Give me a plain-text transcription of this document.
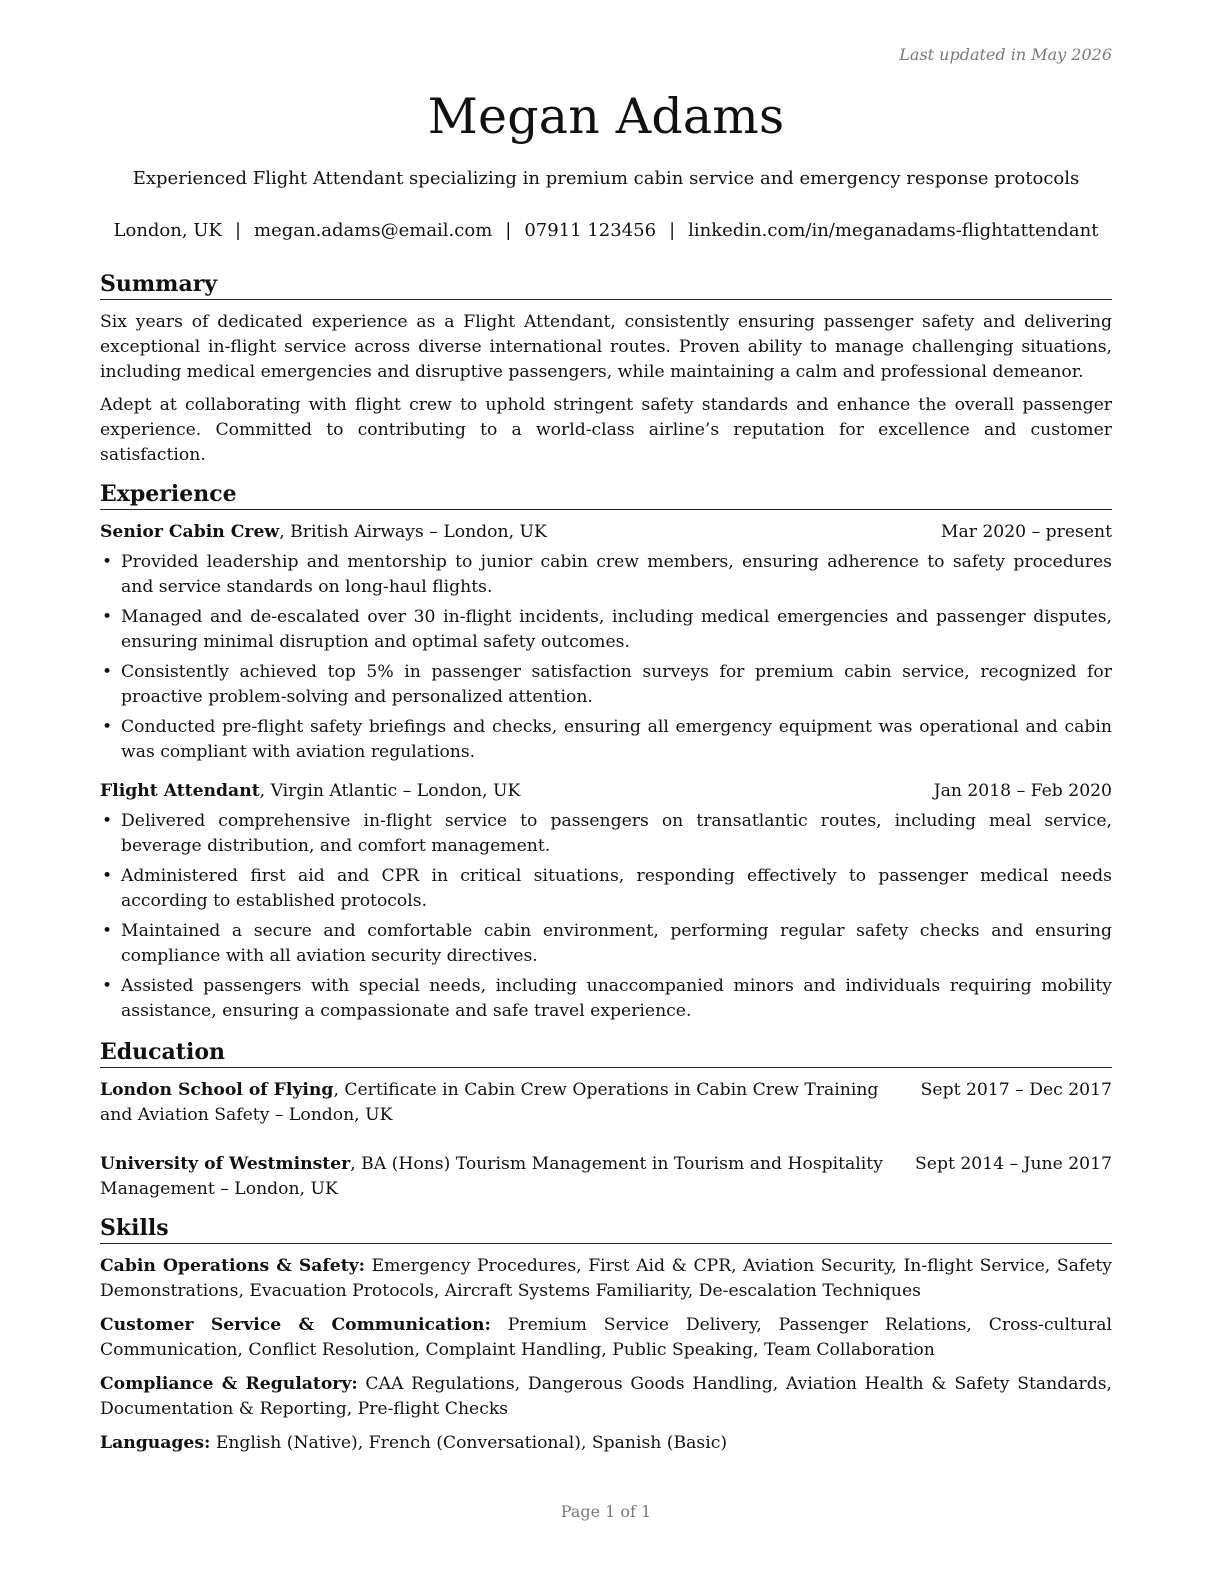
Last updated in May 2026
Megan Adams
Experienced Flight Attendant specializing in premium cabin service and emergency response protocols
London, UK | megan.adams@email.com | 07911 123456 | linkedin.com/in/meganadams-flightattendant
Summary

Six years of dedicated experience as a Flight Attendant, consistently ensuring passenger safety and delivering exceptional in-flight service across diverse international routes. Proven ability to manage challenging situations, including medical emergencies and disruptive passengers, while maintaining a calm and professional demeanor.

Adept at collaborating with flight crew to uphold stringent safety standards and enhance the overall passenger experience. Committed to contributing to a world-class airline’s reputation for excellence and customer satisfaction.

Experience
Senior Cabin Crew, British Airways – London, UK	Mar 2020 – present
• Provided leadership and mentorship to junior cabin crew members, ensuring adherence to safety procedures and service standards on long-haul flights.
• Managed and de-escalated over 30 in-flight incidents, including medical emergencies and passenger disputes, ensuring minimal disruption and optimal safety outcomes.
• Consistently achieved top 5% in passenger satisfaction surveys for premium cabin service, recognized for proactive problem-solving and personalized attention.
• Conducted pre-flight safety briefings and checks, ensuring all emergency equipment was operational and cabin was compliant with aviation regulations.
Flight Attendant, Virgin Atlantic – London, UK	Jan 2018 – Feb 2020
• Delivered comprehensive in-flight service to passengers on transatlantic routes, including meal service, beverage distribution, and comfort management.
• Administered first aid and CPR in critical situations, responding effectively to passenger medical needs according to established protocols.
• Maintained a secure and comfortable cabin environment, performing regular safety checks and ensuring compliance with all aviation security directives.
• Assisted passengers with special needs, including unaccompanied minors and individuals requiring mobility assistance, ensuring a compassionate and safe travel experience.
Education
London School of Flying, Certificate in Cabin Crew Operations in Cabin Crew Training and Aviation Safety – London, UK
Sept 2017 – Dec 2017
University of Westminster, BA (Hons) Tourism Management in Tourism and Hospitality Management – London, UK
Sept 2014 – June 2017
Skills

Cabin Operations & Safety: Emergency Procedures, First Aid & CPR, Aviation Security, In-flight Service, Safety Demonstrations, Evacuation Protocols, Aircraft Systems Familiarity, De-escalation Techniques

Customer Service & Communication: Premium Service Delivery, Passenger Relations, Cross-cultural Communication, Conflict Resolution, Complaint Handling, Public Speaking, Team Collaboration

Compliance & Regulatory: CAA Regulations, Dangerous Goods Handling, Aviation Health & Safety Standards, Documentation & Reporting, Pre-flight Checks

Languages: English (Native), French (Conversational), Spanish (Basic)

Page 1 of 1
